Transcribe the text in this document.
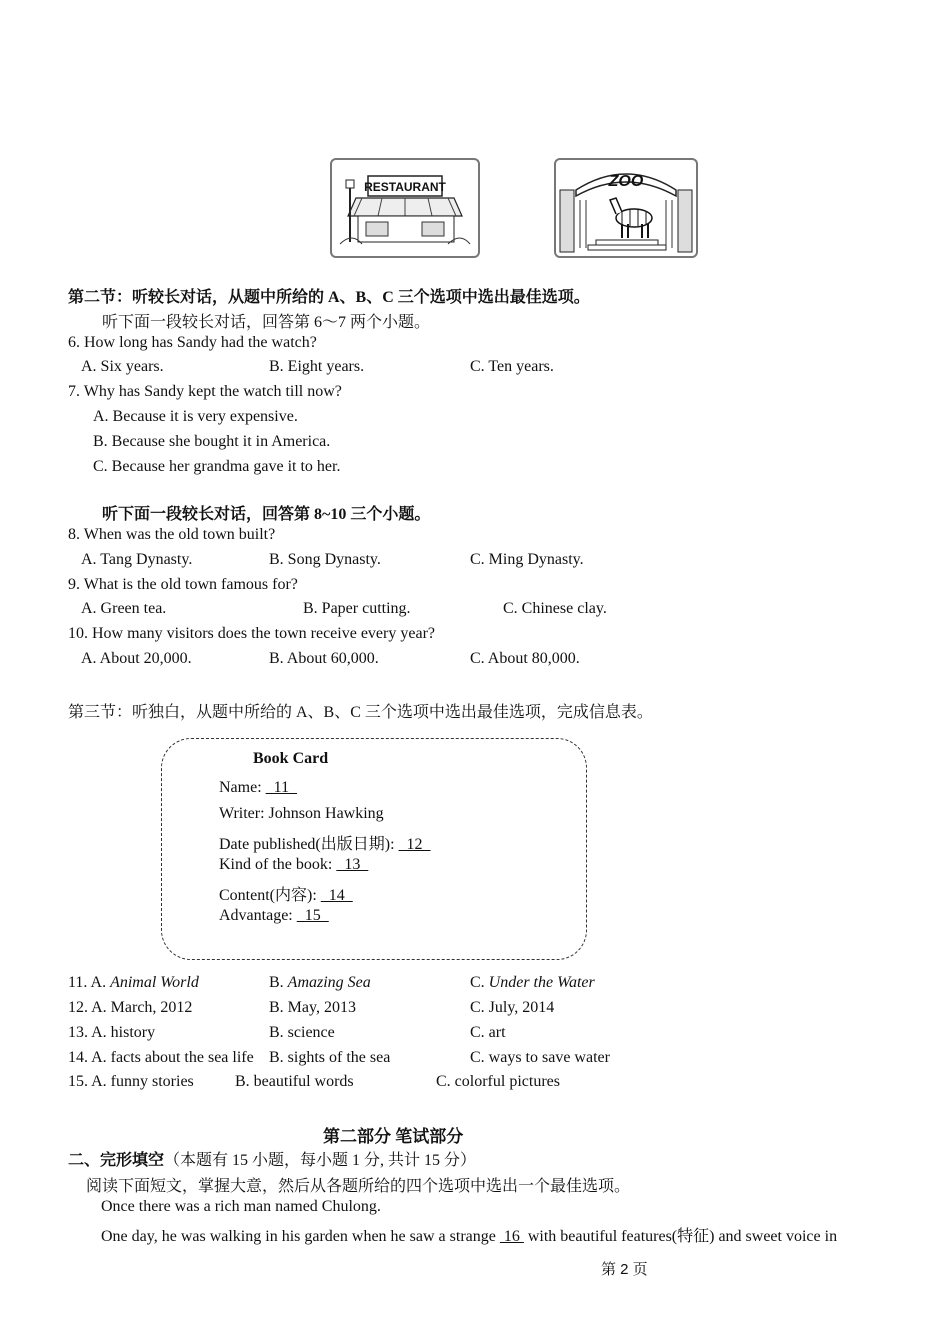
RESTAURANT	ZOO
第二节：听较长对话，从题中所给的 A、B、C 三个选项中选出最佳选项。
听下面一段较长对话，回答第 6～7 两个小题。
6. How long has Sandy had the watch?
A. Six years.	B. Eight years.	C. Ten years.
7. Why has Sandy kept the watch till now?
A. Because it is very expensive.
B. Because she bought it in America.
C. Because her grandma gave it to her.
听下面一段较长对话，回答第 8~10 三个小题。
8. When was the old town built?
A. Tang Dynasty.	B. Song Dynasty.	C. Ming Dynasty.
9. What is the old town famous for?
A. Green tea.	B. Paper cutting.	C. Chinese clay.
10. How many visitors does the town receive every year?
A. About 20,000.	B. About 60,000.	C. About 80,000.
第三节：听独白，从题中所给的 A、B、C 三个选项中选出最佳选项，完成信息表。
Book Card
Name:   11
Writer: Johnson Hawking
Date published(出版日期):   12
Kind of the book:   13
Content(内容):   14
Advantage:   15
11. A. Animal World	B. Amazing Sea	C. Under the Water
12. A. March, 2012	B. May, 2013	C. July, 2014
13. A. history	B. science	C. art
14. A. facts about the sea life B. sights of the sea	C. ways to save water
15. A. funny stories	B. beautiful words	C. colorful pictures
第二部分 笔试部分
二、完形填空（本题有 15 小题，每小题 1 分, 共计 15 分）
阅读下面短文，掌握大意，然后从各题所给的四个选项中选出一个最佳选项。
Once there was a rich man named Chulong.
One day, he was walking in his garden when he saw a strange  16  with beautiful features(特征) and sweet voice in
第 2 页
